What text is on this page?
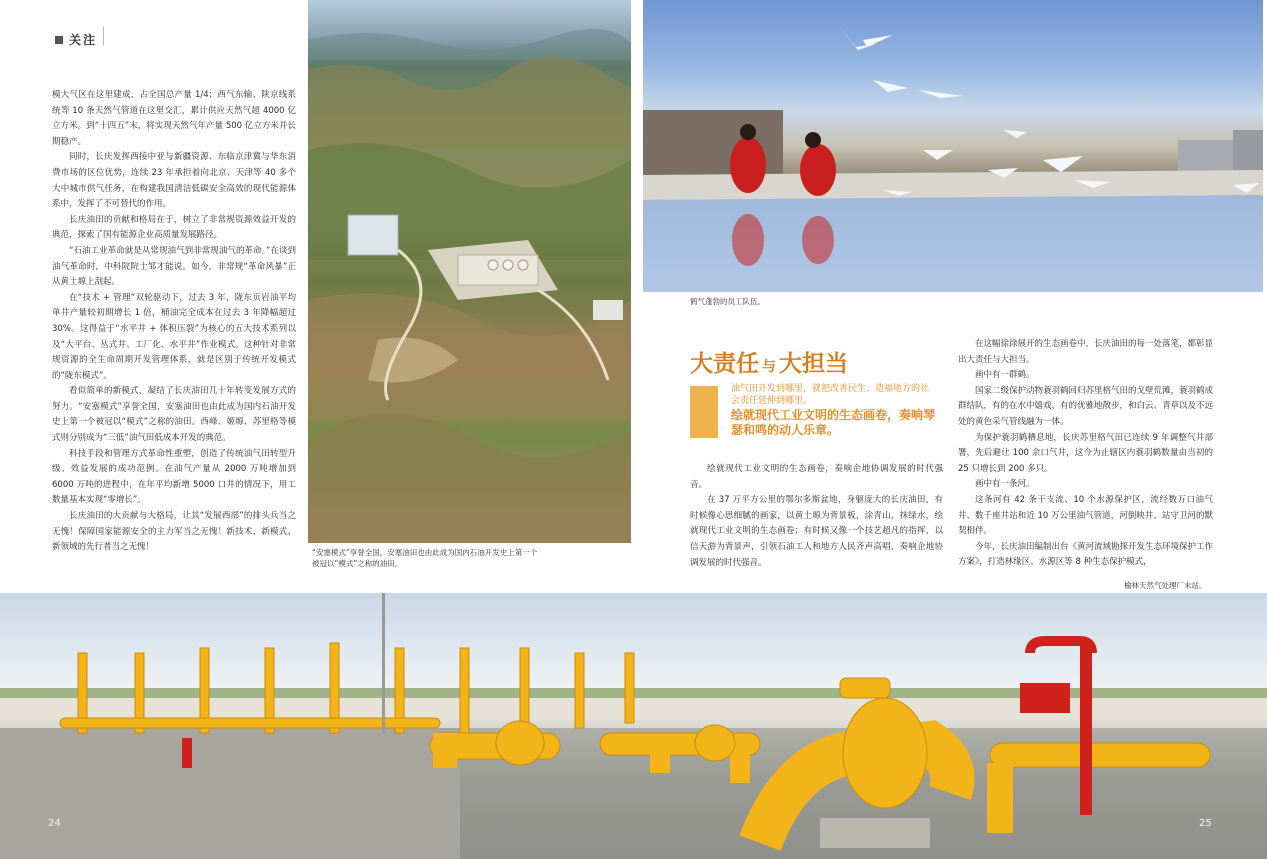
关注

模大气区在这里建成，占全国总产量 1/4；西气东输、陕京线系统等 10 条天然气管道在这里交汇，累计供应天然气超 4000 亿立方米。到“十四五”末，将实现天然气年产量 500 亿立方米并长期稳产。

同时，长庆发挥西接中亚与新疆资源、东临京津冀与华东消费市场的区位优势，连续 23 年承担着向北京、天津等 40 多个大中城市供气任务，在构建我国清洁低碳安全高效的现代能源体系中，发挥了不可替代的作用。

长庆油田的贡献和格局在于，树立了非常规资源效益开发的典范，探索了国有能源企业高质量发展路径。

“石油工业革命就是从常规油气到非常规油气的革命。”在谈到油气革命时，中科院院士邹才能说。如今，非常规“革命风暴”正从黄土塬上刮起。

在“技术 + 管理”双轮驱动下，过去 3 年，陇东页岩油平均单井产量较初期增长 1 倍，桶油完全成本在过去 3 年降幅超过 30%。这得益于“水平井 + 体积压裂”为核心的五大技术系列以及“大平台、丛式井、工厂化、水平井”作业模式。这种针对非常规资源的全生命周期开发管理体系，就是区别于传统开发模式的“陇东模式”。

看似简单的新模式，凝结了长庆油田几十年转变发展方式的努力。“安塞模式”享誉全国，安塞油田也由此成为国内石油开发史上第一个被冠以“模式”之称的油田。西峰、姬塬、苏里格等模式则分别成为“三低”油气田低成本开发的典范。

科技手段和管理方式革命性重塑，创造了传统油气田转型升级、效益发展的成功范例。在油气产量从 2000 万吨增加到 6000 万吨的进程中，在年平均新增 5000 口井的情况下，用工数量基本实现“零增长”。

长庆油田的大贡献与大格局，让其“发展西部”的排头兵当之无愧！保障国家能源安全的主力军当之无愧！新技术、新模式、新领域的先行者当之无愧！

“安塞模式”享誉全国，安塞油田也由此成为国内石油开发史上第一个被冠以“模式”之称的油田。
鹤气蓬勃的员工队伍。
大责任 与 大担当
油气田开发到哪里，就把改善民生、造福地方的社会责任延伸到哪里。
绘就现代工业文明的生态画卷，奏响琴瑟和鸣的动人乐章。

绘就现代工业文明的生态画卷，奏响企地协调发展的时代强音。

在 37 万平方公里的鄂尔多斯盆地，身躯庞大的长庆油田，有时候像心思细腻的画家，以黄土塬为背景板，涂青山，抹绿水，绘就现代工业文明的生态画卷；有时候又像一个技艺超凡的指挥，以信天游为背景声，引领石油工人和地方人民齐声高唱，奏响企地协调发展的时代强音。

在这幅徐徐展开的生态画卷中，长庆油田的每一处落笔，都彰显出大责任与大担当。

画中有一群鹤。

国家二级保护动物蓑羽鹤回归苏里格气田的戈壁荒滩，蓑羽鹤成群结队，有的在水中嬉戏，有的优雅地散步，和白云、青草以及不远处的黄色采气管线融为一体。

为保护蓑羽鹤栖息地，长庆苏里格气田已连续 9 年调整气井部署，先后避让 100 余口气井，这今为止辖区内蓑羽鹤数量由当初的 25 只增长到 200 多只。

画中有一条河。

这条河有 42 条干支流、10 个水源保护区，流经数万口油气井、数千座井站和近 10 万公里油气管道，河倒映井、站守卫河的默契相伴。

今年，长庆油田编制出台《黄河流域勘探开发生态环境保护工作方案》，打造林缘区、水源区等 8 种生态保护模式，

榆林天然气处理厂末站。
24	25
